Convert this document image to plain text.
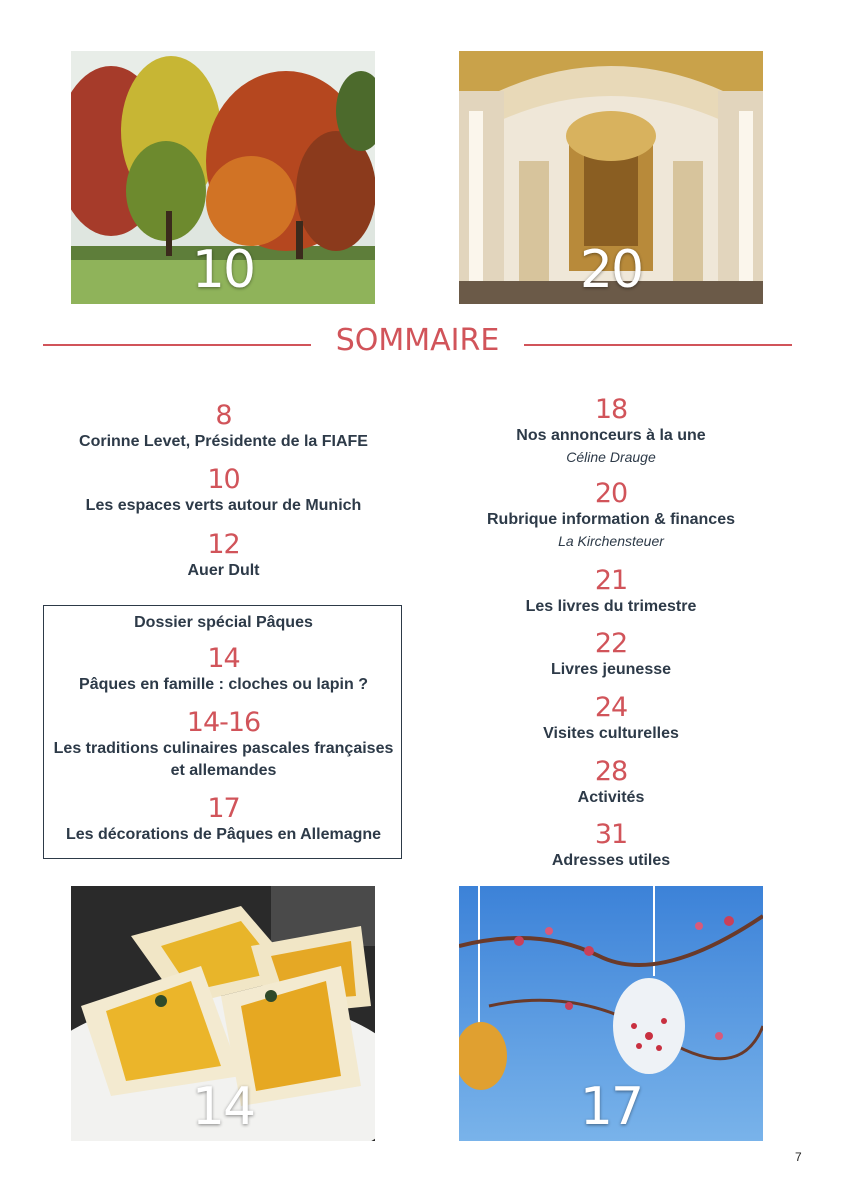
10	20
SOMMAIRE
8
Corinne Levet, Présidente de la FIAFE
10
Les espaces verts autour de Munich
12
Auer Dult
Dossier spécial Pâques
14
Pâques en famille : cloches ou lapin ?
14-16
Les traditions culinaires pascales françaises
et allemandes
17
Les décorations de Pâques en Allemagne
18
Nos annonceurs à la une
Céline Drauge
20
Rubrique information & finances
La Kirchensteuer
21
Les livres du trimestre
22
Livres jeunesse
24
Visites culturelles
28
Activités
31
Adresses utiles
14	17
7
